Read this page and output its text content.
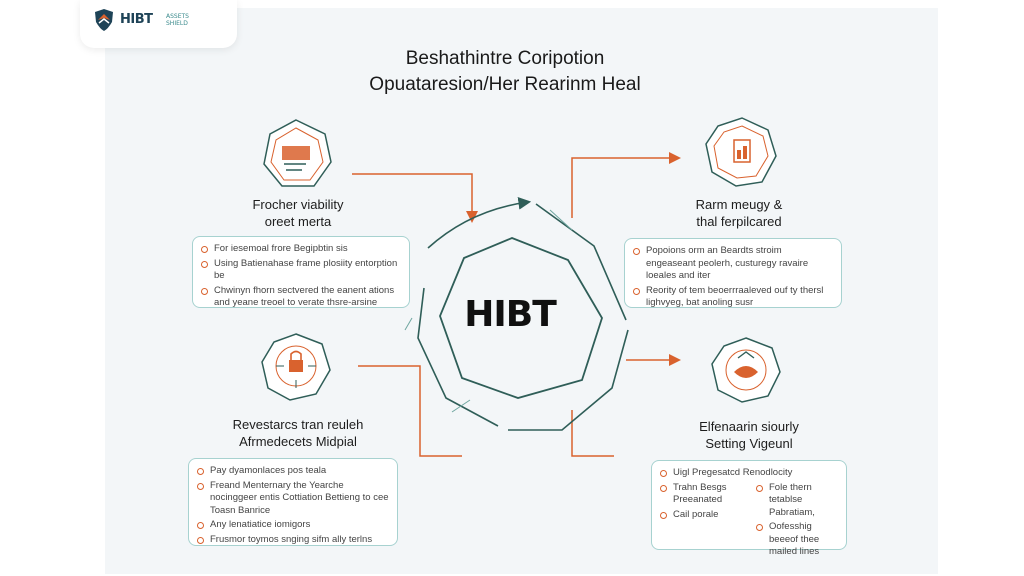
HIBT ASSETS SHIELD
Beshathintre Coripotion
Opuataresion/Her Rearinm Heal
HIBT
Frocher viability
oreet merta
Rarm meugy &
thal ferpilcared
Revestarcs tran reuleh
Afrmedecets Midpial
Elfenaarin siourly
Setting Vigeunl
For iesemoal frore Begipbtin sis
Using Batienahase frame plosiity entorption be
Chwinyn fhorn sectvered the eanent ations and yeane treoel to verate thsre-arsine
Popoions orm an Beardts stroim engeaseant peolerh, custuregy ravaire loeales and iter
Reority of tem beoerrraaleved ouf ty thersl lighvyeg, bat anoling susr
Pay dyamonlaces pos teala
Freand Menternary the Yearche nocinggeer entis Cottiation Bettieng to cee Toasn Banrice
Any lenatiatice iomigors
Frusmor toymos snging sifm ally terlns
Uigl Pregesatcd Renodlocity
Trahn Besgs Preeanated
Cail porale
Fole thern tetablse Pabratiam,
Oofesshig beeeof thee mailed lines
